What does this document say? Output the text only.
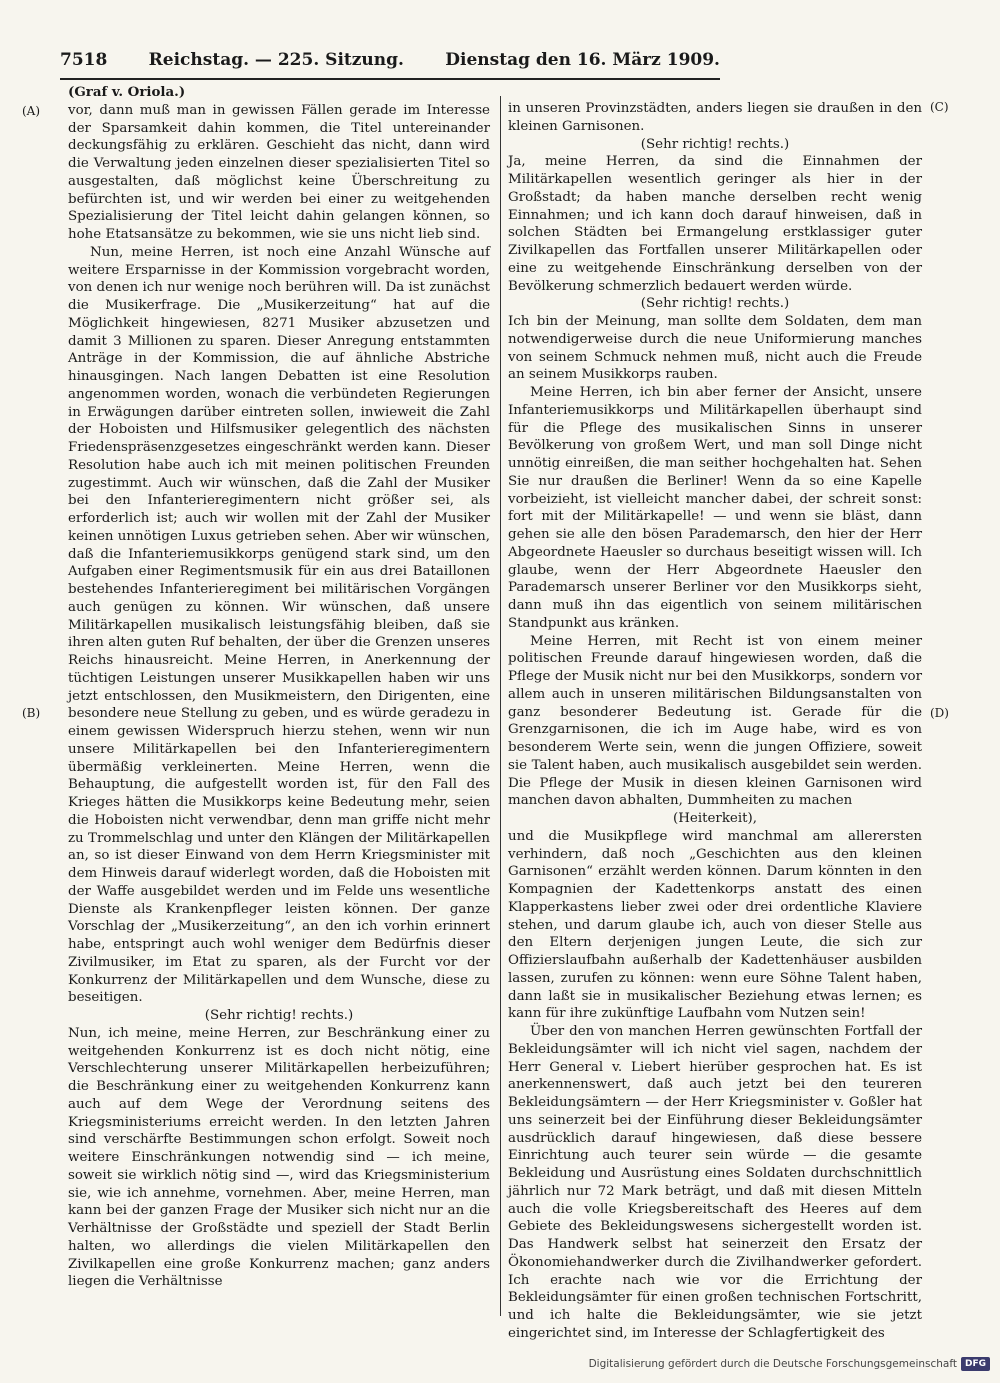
7518 Reichstag. — 225. Sitzung. Dienstag den 16. März 1909.
(A)
(B)
(C)
(D)

(Graf v. Oriola.)

vor, dann muß man in gewissen Fällen gerade im Interesse der Sparsamkeit dahin kommen, die Titel untereinander deckungsfähig zu erklären. Geschieht das nicht, dann wird die Verwaltung jeden einzelnen dieser spezialisierten Titel so ausgestalten, daß möglichst keine Überschreitung zu befürchten ist, und wir werden bei einer zu weitgehenden Spezialisierung der Titel leicht dahin gelangen können, so hohe Etatsansätze zu bekommen, wie sie uns nicht lieb sind.

Nun, meine Herren, ist noch eine Anzahl Wünsche auf weitere Ersparnisse in der Kommission vorgebracht worden, von denen ich nur wenige noch berühren will. Da ist zunächst die Musikerfrage. Die „Musikerzeitung“ hat auf die Möglichkeit hingewiesen, 8271 Musiker abzusetzen und damit 3 Millionen zu sparen. Dieser Anregung entstammten Anträge in der Kommission, die auf ähnliche Abstriche hinausgingen. Nach langen Debatten ist eine Resolution angenommen worden, wonach die verbündeten Regierungen in Erwägungen darüber eintreten sollen, inwieweit die Zahl der Hoboisten und Hilfsmusiker gelegentlich des nächsten Friedenspräsenzgesetzes eingeschränkt werden kann. Dieser Resolution habe auch ich mit meinen politischen Freunden zugestimmt. Auch wir wünschen, daß die Zahl der Musiker bei den Infanterieregimentern nicht größer sei, als erforderlich ist; auch wir wollen mit der Zahl der Musiker keinen unnötigen Luxus getrieben sehen. Aber wir wünschen, daß die Infanteriemusikkorps genügend stark sind, um den Aufgaben einer Regimentsmusik für ein aus drei Bataillonen bestehendes Infanterieregiment bei militärischen Vorgängen auch genügen zu können. Wir wünschen, daß unsere Militärkapellen musikalisch leistungsfähig bleiben, daß sie ihren alten guten Ruf behalten, der über die Grenzen unseres Reichs hinausreicht. Meine Herren, in Anerkennung der tüchtigen Leistungen unserer Musikkapellen haben wir uns jetzt entschlossen, den Musikmeistern, den Dirigenten, eine besondere neue Stellung zu geben, und es würde geradezu in einem gewissen Widerspruch hierzu stehen, wenn wir nun unsere Militärkapellen bei den Infanterieregimentern übermäßig verkleinerten. Meine Herren, wenn die Behauptung, die aufgestellt worden ist, für den Fall des Krieges hätten die Musikkorps keine Bedeutung mehr, seien die Hoboisten nicht verwendbar, denn man griffe nicht mehr zu Trommelschlag und unter den Klängen der Militärkapellen an, so ist dieser Einwand von dem Herrn Kriegsminister mit dem Hinweis darauf widerlegt worden, daß die Hoboisten mit der Waffe ausgebildet werden und im Felde uns wesentliche Dienste als Krankenpfleger leisten können. Der ganze Vorschlag der „Musikerzeitung“, an den ich vorhin erinnert habe, entspringt auch wohl weniger dem Bedürfnis dieser Zivilmusiker, im Etat zu sparen, als der Furcht vor der Konkurrenz der Militärkapellen und dem Wunsche, diese zu beseitigen.

(Sehr richtig! rechts.)

Nun, ich meine, meine Herren, zur Beschränkung einer zu weitgehenden Konkurrenz ist es doch nicht nötig, eine Verschlechterung unserer Militärkapellen herbeizuführen; die Beschränkung einer zu weitgehenden Konkurrenz kann auch auf dem Wege der Verordnung seitens des Kriegsministeriums erreicht werden. In den letzten Jahren sind verschärfte Bestimmungen schon erfolgt. Soweit noch weitere Einschränkungen notwendig sind — ich meine, soweit sie wirklich nötig sind —, wird das Kriegsministerium sie, wie ich annehme, vornehmen. Aber, meine Herren, man kann bei der ganzen Frage der Musiker sich nicht nur an die Verhältnisse der Großstädte und speziell der Stadt Berlin halten, wo allerdings die vielen Militärkapellen den Zivilkapellen eine große Konkurrenz machen; ganz anders liegen die Verhältnisse

in unseren Provinzstädten, anders liegen sie draußen in den kleinen Garnisonen.

(Sehr richtig! rechts.)

Ja, meine Herren, da sind die Einnahmen der Militärkapellen wesentlich geringer als hier in der Großstadt; da haben manche derselben recht wenig Einnahmen; und ich kann doch darauf hinweisen, daß in solchen Städten bei Ermangelung erstklassiger guter Zivilkapellen das Fortfallen unserer Militärkapellen oder eine zu weitgehende Einschränkung derselben von der Bevölkerung schmerzlich bedauert werden würde.

(Sehr richtig! rechts.)

Ich bin der Meinung, man sollte dem Soldaten, dem man notwendigerweise durch die neue Uniformierung manches von seinem Schmuck nehmen muß, nicht auch die Freude an seinem Musikkorps rauben.

Meine Herren, ich bin aber ferner der Ansicht, unsere Infanteriemusikkorps und Militärkapellen überhaupt sind für die Pflege des musikalischen Sinns in unserer Bevölkerung von großem Wert, und man soll Dinge nicht unnötig einreißen, die man seither hochgehalten hat. Sehen Sie nur draußen die Berliner! Wenn da so eine Kapelle vorbeizieht, ist vielleicht mancher dabei, der schreit sonst: fort mit der Militärkapelle! — und wenn sie bläst, dann gehen sie alle den bösen Parademarsch, den hier der Herr Abgeordnete Haeusler so durchaus beseitigt wissen will. Ich glaube, wenn der Herr Abgeordnete Haeusler den Parademarsch unserer Berliner vor den Musikkorps sieht, dann muß ihn das eigentlich von seinem militärischen Standpunkt aus kränken.

Meine Herren, mit Recht ist von einem meiner politischen Freunde darauf hingewiesen worden, daß die Pflege der Musik nicht nur bei den Musikkorps, sondern vor allem auch in unseren militärischen Bildungsanstalten von ganz besonderer Bedeutung ist. Gerade für die Grenzgarnisonen, die ich im Auge habe, wird es von besonderem Werte sein, wenn die jungen Offiziere, soweit sie Talent haben, auch musikalisch ausgebildet sein werden. Die Pflege der Musik in diesen kleinen Garnisonen wird manchen davon abhalten, Dummheiten zu machen

(Heiterkeit),

und die Musikpflege wird manchmal am allerersten verhindern, daß noch „Geschichten aus den kleinen Garnisonen“ erzählt werden können. Darum könnten in den Kompagnien der Kadettenkorps anstatt des einen Klapperkastens lieber zwei oder drei ordentliche Klaviere stehen, und darum glaube ich, auch von dieser Stelle aus den Eltern derjenigen jungen Leute, die sich zur Offizierslaufbahn außerhalb der Kadettenhäuser ausbilden lassen, zurufen zu können: wenn eure Söhne Talent haben, dann laßt sie in musikalischer Beziehung etwas lernen; es kann für ihre zukünftige Laufbahn vom Nutzen sein!

Über den von manchen Herren gewünschten Fortfall der Bekleidungsämter will ich nicht viel sagen, nachdem der Herr General v. Liebert hierüber gesprochen hat. Es ist anerkennenswert, daß auch jetzt bei den teureren Bekleidungsämtern — der Herr Kriegsminister v. Goßler hat uns seinerzeit bei der Einführung dieser Bekleidungsämter ausdrücklich darauf hingewiesen, daß diese bessere Einrichtung auch teurer sein würde — die gesamte Bekleidung und Ausrüstung eines Soldaten durchschnittlich jährlich nur 72 Mark beträgt, und daß mit diesen Mitteln auch die volle Kriegsbereitschaft des Heeres auf dem Gebiete des Bekleidungswesens sichergestellt worden ist. Das Handwerk selbst hat seinerzeit den Ersatz der Ökonomiehandwerker durch die Zivilhandwerker gefordert. Ich erachte nach wie vor die Errichtung der Bekleidungsämter für einen großen technischen Fortschritt, und ich halte die Bekleidungsämter, wie sie jetzt eingerichtet sind, im Interesse der Schlagfertigkeit des

Digitalisierung gefördert durch die Deutsche Forschungsgemeinschaft DFG
